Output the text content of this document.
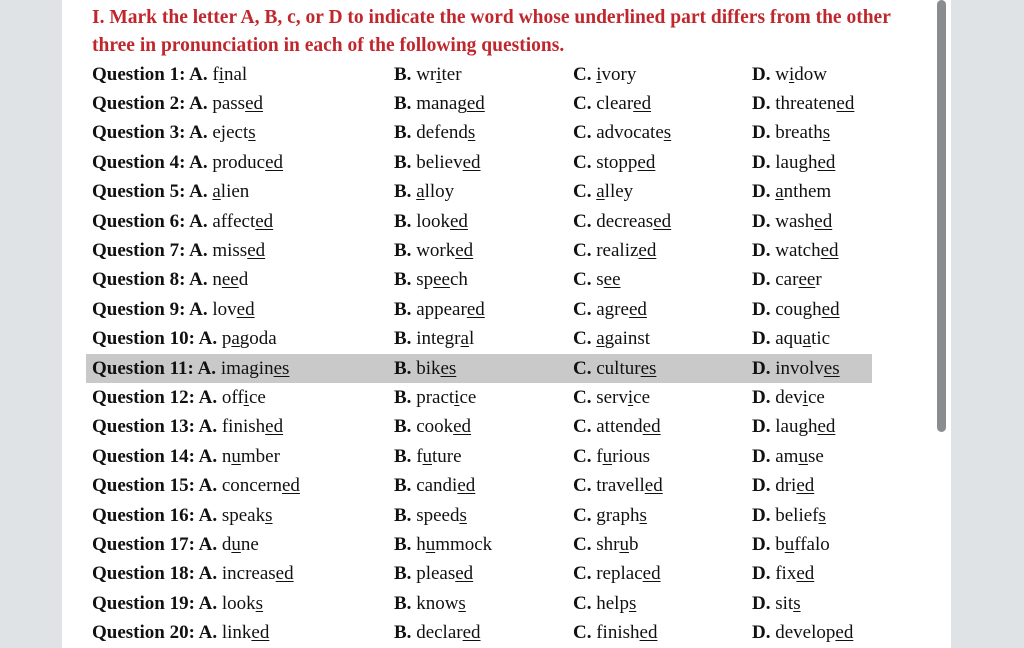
I. Mark the letter A, B, c, or D to indicate the word whose underlined part differs from the other three in pronunciation in each of the following questions.
Question 1: A. final	B. writer	C. ivory	D. widow
Question 2: A. passed	B. managed	C. cleared	D. threatened
Question 3: A. ejects	B. defends	C. advocates	D. breaths
Question 4: A. produced	B. believed	C. stopped	D. laughed
Question 5: A. alien	B. alloy	C. alley	D. anthem
Question 6: A. affected	B. looked	C. decreased	D. washed
Question 7: A. missed	B. worked	C. realized	D. watched
Question 8: A. need	B. speech	C. see	D. career
Question 9: A. loved	B. appeared	C. agreed	D. coughed
Question 10: A. pagoda	B. integral	C. against	D. aquatic
Question 11: A. imagines	B. bikes	C. cultures	D. involves
Question 12: A. office	B. practice	C. service	D. device
Question 13: A. finished	B. cooked	C. attended	D. laughed
Question 14: A. number	B. future	C. furious	D. amuse
Question 15: A. concerned	B. candied	C. travelled	D. dried
Question 16: A. speaks	B. speeds	C. graphs	D. beliefs
Question 17: A. dune	B. hummock	C. shrub	D. buffalo
Question 18: A. increased	B. pleased	C. replaced	D. fixed
Question 19: A. looks	B. knows	C. helps	D. sits
Question 20: A. linked	B. declared	C. finished	D. developed
